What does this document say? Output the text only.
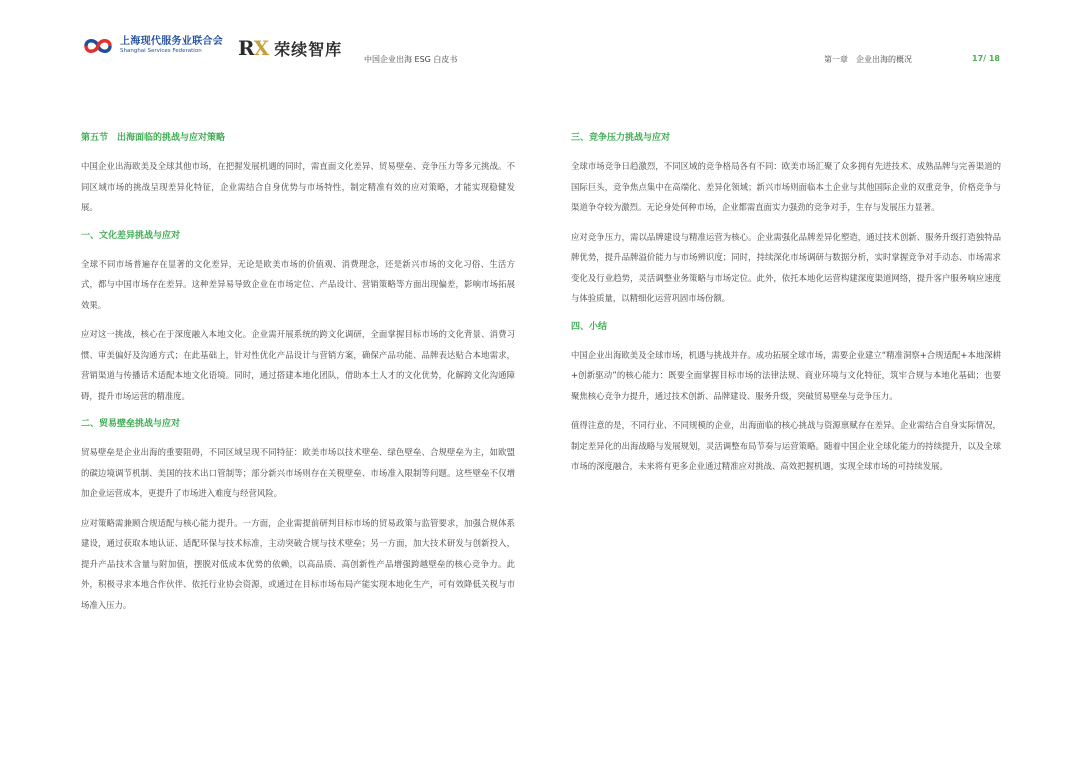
上海现代服务业联合会
Shanghai Services Federation	RX 荣续智库
中国企业出海 ESG 白皮书	第一章　企业出海的概况	17/ 18

第五节　出海面临的挑战与应对策略

中国企业出海欧美及全球其他市场，在把握发展机遇的同时，需直面文化差异、贸易壁垒、竞争压力等多元挑战。不同区域市场的挑战呈现差异化特征，企业需结合自身优势与市场特性，制定精准有效的应对策略，才能实现稳健发展。

一、文化差异挑战与应对

全球不同市场普遍存在显著的文化差异，无论是欧美市场的价值观、消费理念，还是新兴市场的文化习俗、生活方式，都与中国市场存在差异。这种差异易导致企业在市场定位、产品设计、营销策略等方面出现偏差，影响市场拓展效果。

应对这一挑战，核心在于深度融入本地文化。企业需开展系统的跨文化调研，全面掌握目标市场的文化背景、消费习惯、审美偏好及沟通方式；在此基础上，针对性优化产品设计与营销方案，确保产品功能、品牌表达贴合本地需求，营销渠道与传播话术适配本地文化语境。同时，通过搭建本地化团队，借助本土人才的文化优势，化解跨文化沟通障碍，提升市场运营的精准度。

二、贸易壁垒挑战与应对

贸易壁垒是企业出海的重要阻碍，不同区域呈现不同特征：欧美市场以技术壁垒、绿色壁垒、合规壁垒为主，如欧盟的碳边境调节机制、美国的技术出口管制等；部分新兴市场则存在关税壁垒、市场准入限制等问题。这些壁垒不仅增加企业运营成本，更提升了市场进入难度与经营风险。

应对策略需兼顾合规适配与核心能力提升。一方面，企业需提前研判目标市场的贸易政策与监管要求，加强合规体系建设，通过获取本地认证、适配环保与技术标准，主动突破合规与技术壁垒；另一方面，加大技术研发与创新投入，提升产品技术含量与附加值，摆脱对低成本优势的依赖，以高品质、高创新性产品增强跨越壁垒的核心竞争力。此外，积极寻求本地合作伙伴、依托行业协会资源，或通过在目标市场布局产能实现本地化生产，可有效降低关税与市场准入压力。

三、竞争压力挑战与应对

全球市场竞争日趋激烈，不同区域的竞争格局各有不同：欧美市场汇聚了众多拥有先进技术、成熟品牌与完善渠道的国际巨头，竞争焦点集中在高端化、差异化领域；新兴市场则面临本土企业与其他国际企业的双重竞争，价格竞争与渠道争夺较为激烈。无论身处何种市场，企业都需直面实力强劲的竞争对手，生存与发展压力显著。

应对竞争压力，需以品牌建设与精准运营为核心。企业需强化品牌差异化塑造，通过技术创新、服务升级打造独特品牌优势，提升品牌溢价能力与市场辨识度；同时，持续深化市场调研与数据分析，实时掌握竞争对手动态、市场需求变化及行业趋势，灵活调整业务策略与市场定位。此外，依托本地化运营构建深度渠道网络，提升客户服务响应速度与体验质量，以精细化运营巩固市场份额。

四、小结

中国企业出海欧美及全球市场，机遇与挑战并存。成功拓展全球市场，需要企业建立“精准洞察+合规适配+本地深耕+创新驱动”的核心能力：既要全面掌握目标市场的法律法规、商业环境与文化特征，筑牢合规与本地化基础；也要聚焦核心竞争力提升，通过技术创新、品牌建设、服务升级，突破贸易壁垒与竞争压力。

值得注意的是，不同行业、不同规模的企业，出海面临的核心挑战与资源禀赋存在差异。企业需结合自身实际情况，制定差异化的出海战略与发展规划，灵活调整布局节奏与运营策略。随着中国企业全球化能力的持续提升，以及全球市场的深度融合，未来将有更多企业通过精准应对挑战、高效把握机遇，实现全球市场的可持续发展。
